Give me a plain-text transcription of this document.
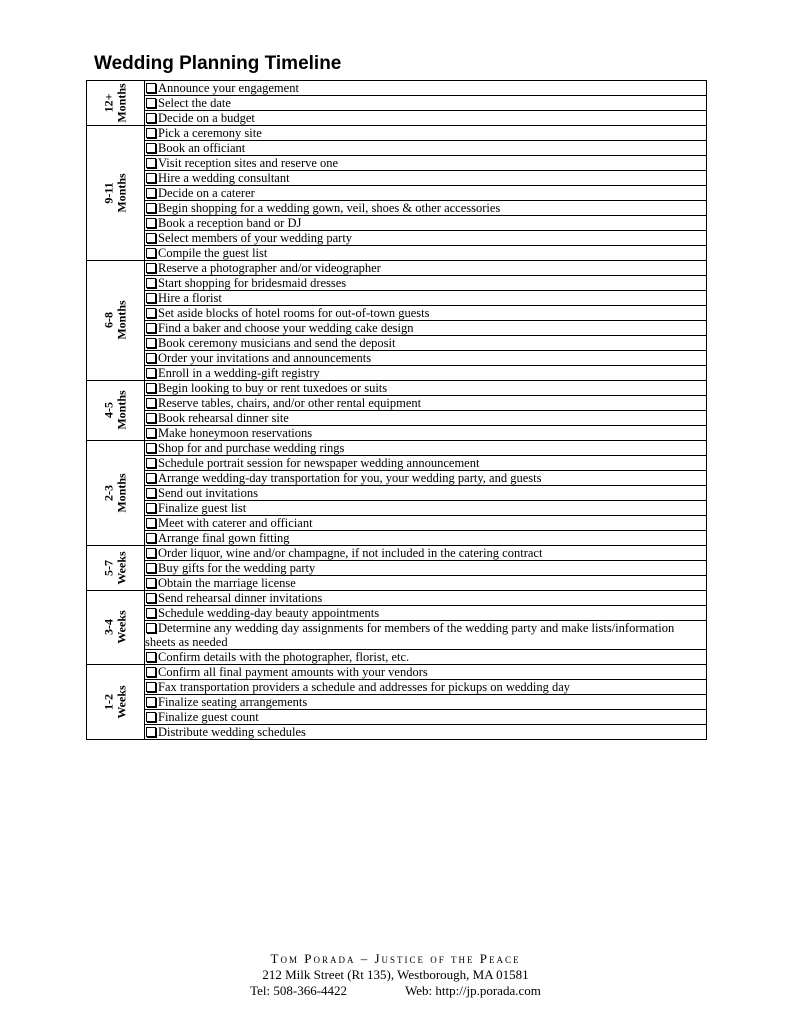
Wedding Planning Timeline
12+ Months	Announce your engagement
	Select the date
	Decide on a budget

9-11 Months	Pick a ceremony site
	Book an officiant
	Visit reception sites and reserve one
	Hire a wedding consultant
	Decide on a caterer
	Begin shopping for a wedding gown, veil, shoes & other accessories
	Book a reception band or DJ
	Select members of your wedding party
	Compile the guest list

6-8 Months	Reserve a photographer and/or videographer
	Start shopping for bridesmaid dresses
	Hire a florist
	Set aside blocks of hotel rooms for out-of-town guests
	Find a baker and choose your wedding cake design
	Book ceremony musicians and send the deposit
	Order your invitations and announcements
	Enroll in a wedding-gift registry

4-5 Months	Begin looking to buy or rent tuxedoes or suits
	Reserve tables, chairs, and/or other rental equipment
	Book rehearsal dinner site
	Make honeymoon reservations

2-3 Months	Shop for and purchase wedding rings
	Schedule portrait session for newspaper wedding announcement
	Arrange wedding-day transportation for you, your wedding party, and guests
	Send out invitations
	Finalize guest list
	Meet with caterer and officiant
	Arrange final gown fitting

5-7 Weeks	Order liquor, wine and/or champagne, if not included in the catering contract
	Buy gifts for the wedding party
	Obtain the marriage license

3-4 Weeks	Send rehearsal dinner invitations
	Schedule wedding-day beauty appointments
	Determine any wedding day assignments for members of the wedding party and make lists/information sheets as needed
	Confirm details with the photographer, florist, etc.

1-2 Weeks	Confirm all final payment amounts with your vendors
	Fax transportation providers a schedule and addresses for pickups on wedding day
	Finalize seating arrangements
	Finalize guest count
	Distribute wedding schedules
Tom Porada – Justice of the Peace
212 Milk Street (Rt 135), Westborough, MA 01581
Tel: 508-366-4422	Web: http://jp.porada.com
